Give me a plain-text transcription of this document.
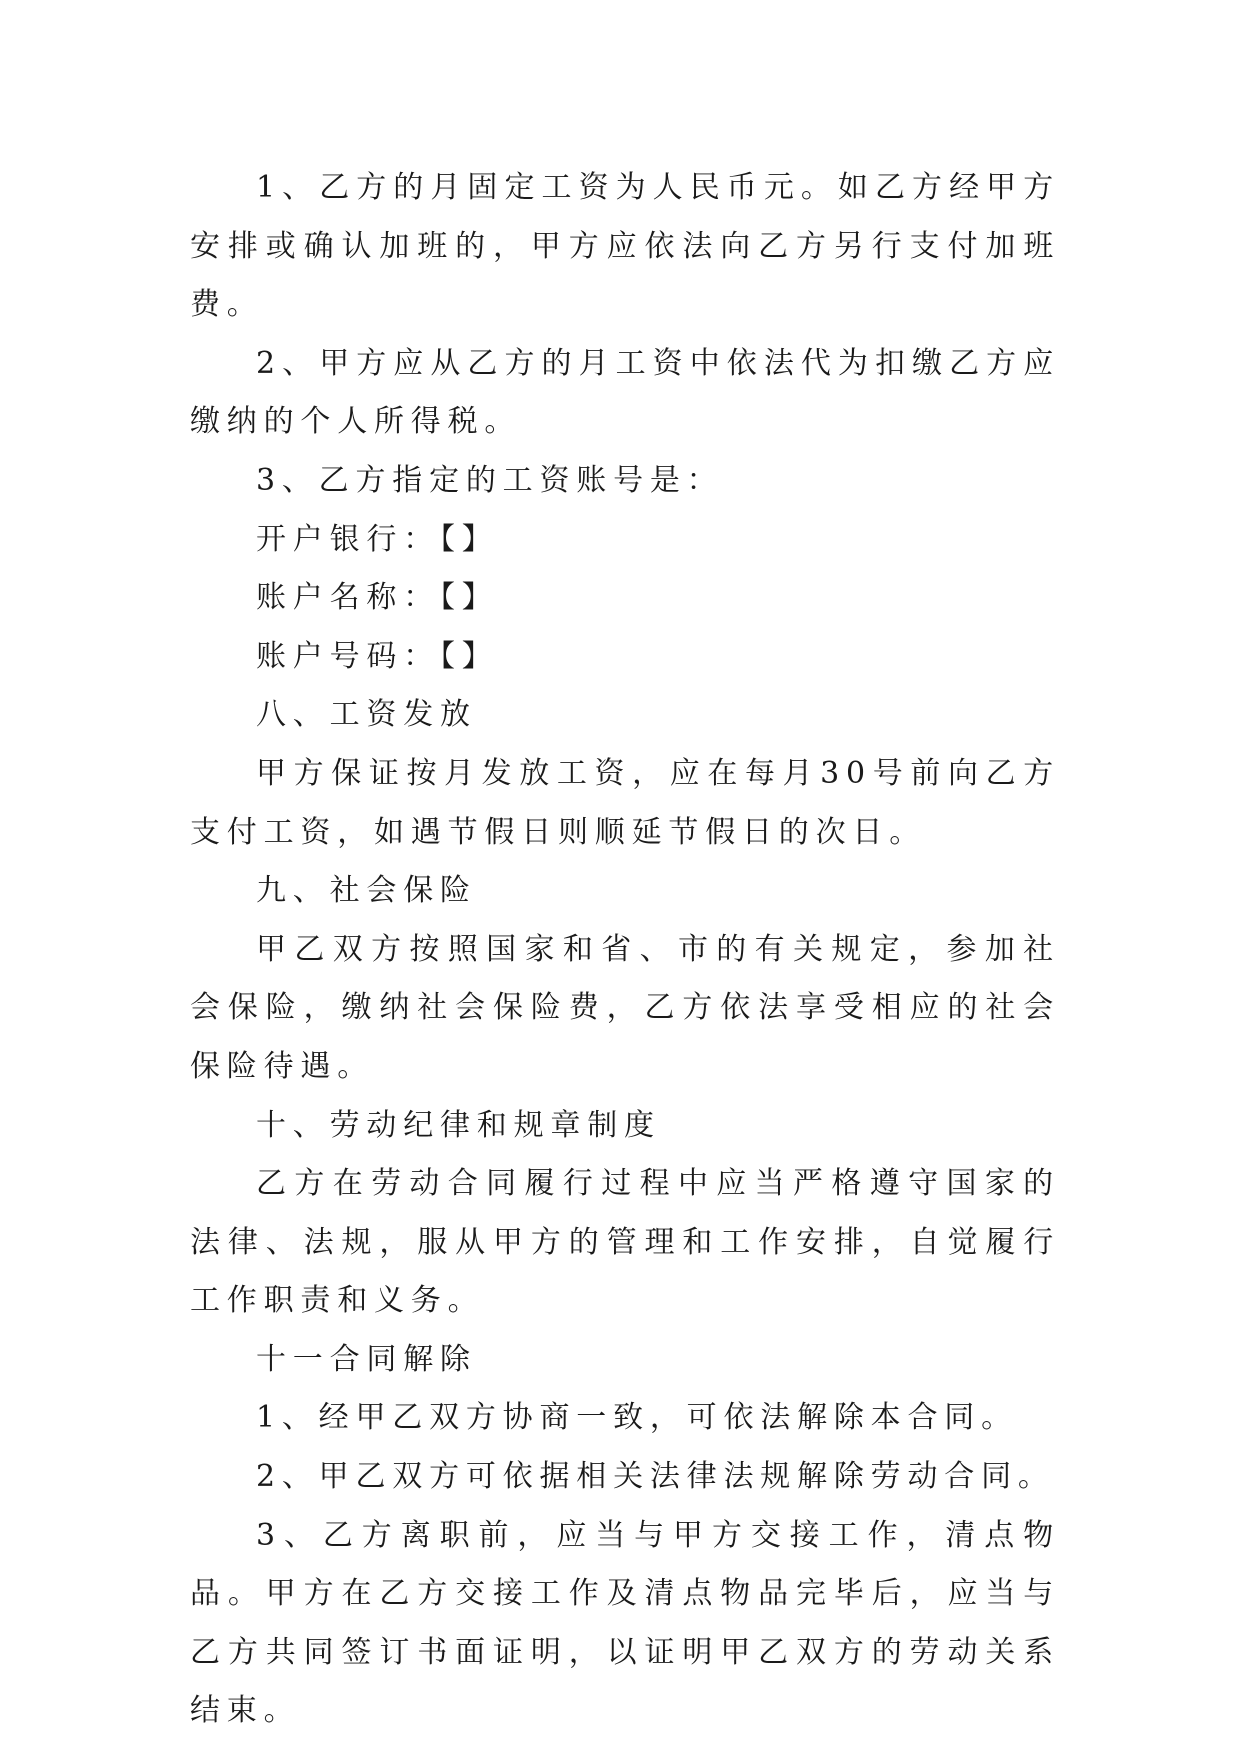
1、乙方的月固定工资为人民币元。如乙方经甲方安排或确认加班的，甲方应依法向乙方另行支付加班费。

2、甲方应从乙方的月工资中依法代为扣缴乙方应缴纳的个人所得税。

3、乙方指定的工资账号是：

开户银行：【】

账户名称：【】

账户号码：【】

八、工资发放

甲方保证按月发放工资，应在每月30号前向乙方支付工资，如遇节假日则顺延节假日的次日。

九、社会保险

甲乙双方按照国家和省、市的有关规定，参加社会保险，缴纳社会保险费，乙方依法享受相应的社会保险待遇。

十、劳动纪律和规章制度

乙方在劳动合同履行过程中应当严格遵守国家的法律、法规，服从甲方的管理和工作安排，自觉履行工作职责和义务。

十一合同解除

1、经甲乙双方协商一致，可依法解除本合同。

2、甲乙双方可依据相关法律法规解除劳动合同。

3、乙方离职前，应当与甲方交接工作，清点物品。甲方在乙方交接工作及清点物品完毕后，应当与乙方共同签订书面证明，以证明甲乙双方的劳动关系结束。
